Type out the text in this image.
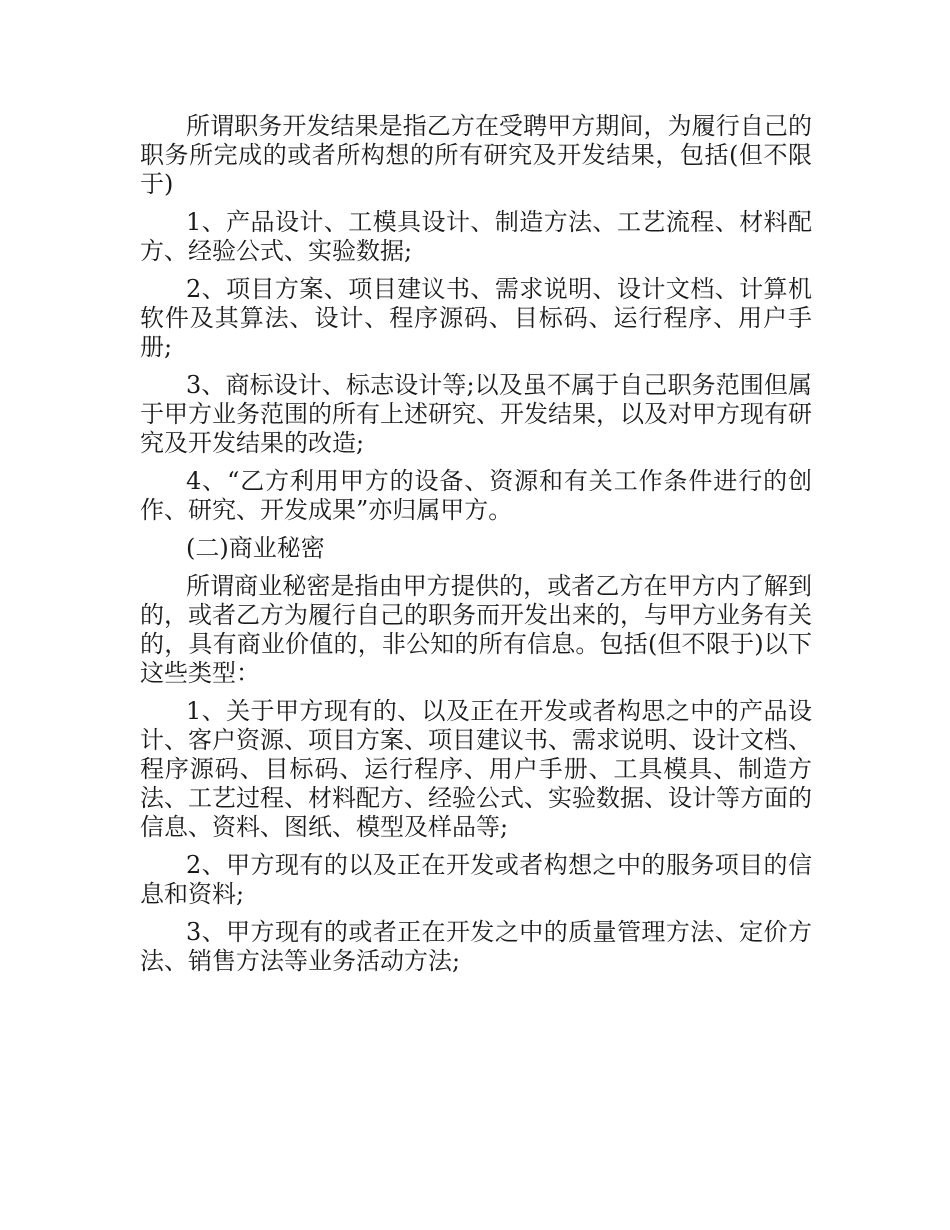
所谓职务开发结果是指乙方在受聘甲方期间，为履行自己的职务所完成的或者所构想的所有研究及开发结果，包括(但不限于)

1、产品设计、工模具设计、制造方法、工艺流程、材料配方、经验公式、实验数据;

2、项目方案、项目建议书、需求说明、设计文档、计算机软件及其算法、设计、程序源码、目标码、运行程序、用户手册;

3、商标设计、标志设计等;以及虽不属于自己职务范围但属于甲方业务范围的所有上述研究、开发结果，以及对甲方现有研究及开发结果的改造;

4、“乙方利用甲方的设备、资源和有关工作条件进行的创作、研究、开发成果”亦归属甲方。

(二)商业秘密

所谓商业秘密是指由甲方提供的，或者乙方在甲方内了解到的，或者乙方为履行自己的职务而开发出来的，与甲方业务有关的，具有商业价值的，非公知的所有信息。包括(但不限于)以下这些类型：

1、关于甲方现有的、以及正在开发或者构思之中的产品设计、客户资源、项目方案、项目建议书、需求说明、设计文档、程序源码、目标码、运行程序、用户手册、工具模具、制造方法、工艺过程、材料配方、经验公式、实验数据、设计等方面的信息、资料、图纸、模型及样品等;

2、甲方现有的以及正在开发或者构想之中的服务项目的信息和资料;

3、甲方现有的或者正在开发之中的质量管理方法、定价方法、销售方法等业务活动方法;
